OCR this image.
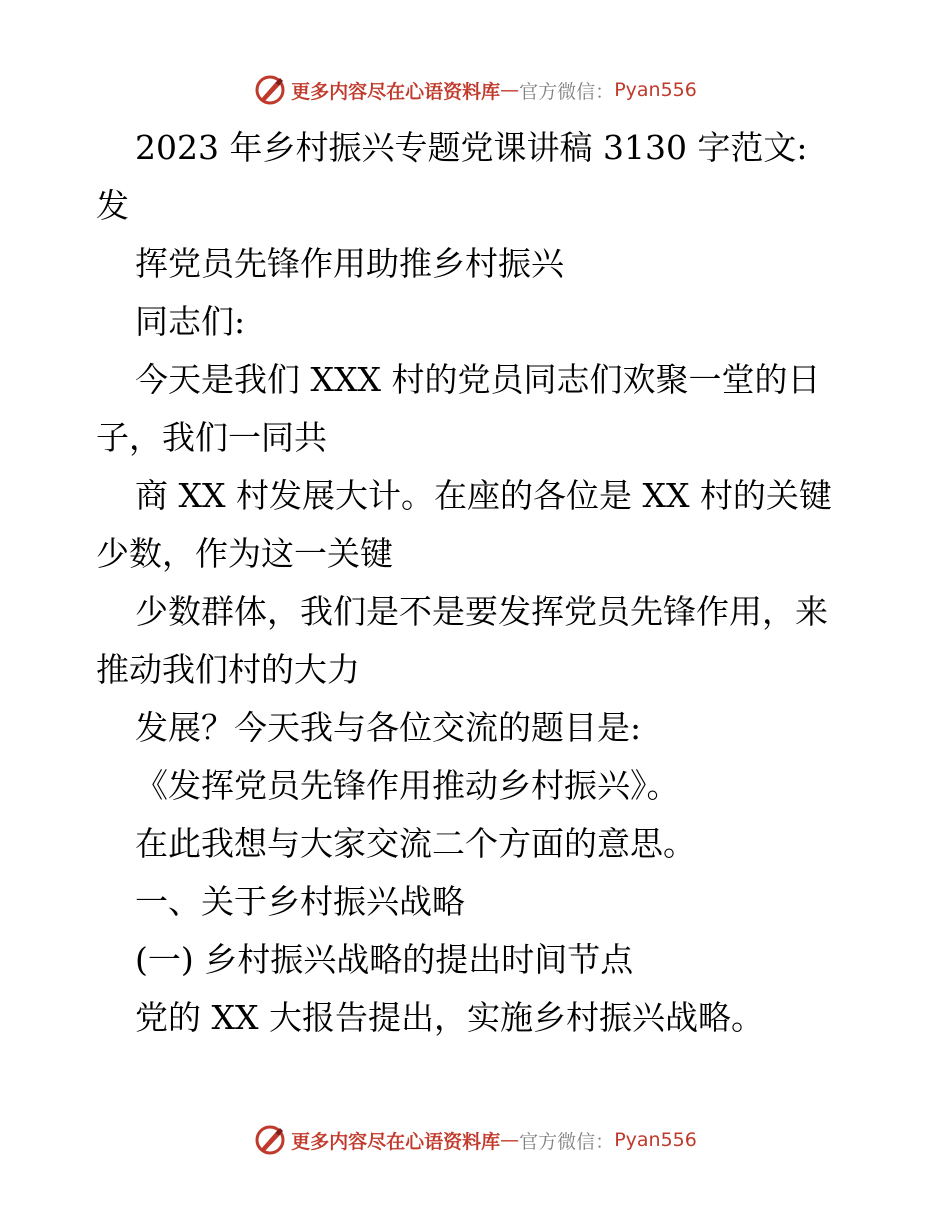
更多内容尽在心语资料库 — 官方微信： Pyan556
2023 年乡村振兴专题党课讲稿 3130 字范文:
发
挥党员先锋作用助推乡村振兴
同志们:
今天是我们 XXX 村的党员同志们欢聚一堂的日
子，我们一同共
商 XX 村发展大计。在座的各位是 XX 村的关键
少数，作为这一关键
少数群体，我们是不是要发挥党员先锋作用，来
推动我们村的大力
发展？今天我与各位交流的题目是:
《发挥党员先锋作用推动乡村振兴》。
在此我想与大家交流二个方面的意思。
一、关于乡村振兴战略
(一) 乡村振兴战略的提出时间节点
党的 XX 大报告提出，实施乡村振兴战略。
更多内容尽在心语资料库 — 官方微信： Pyan556
